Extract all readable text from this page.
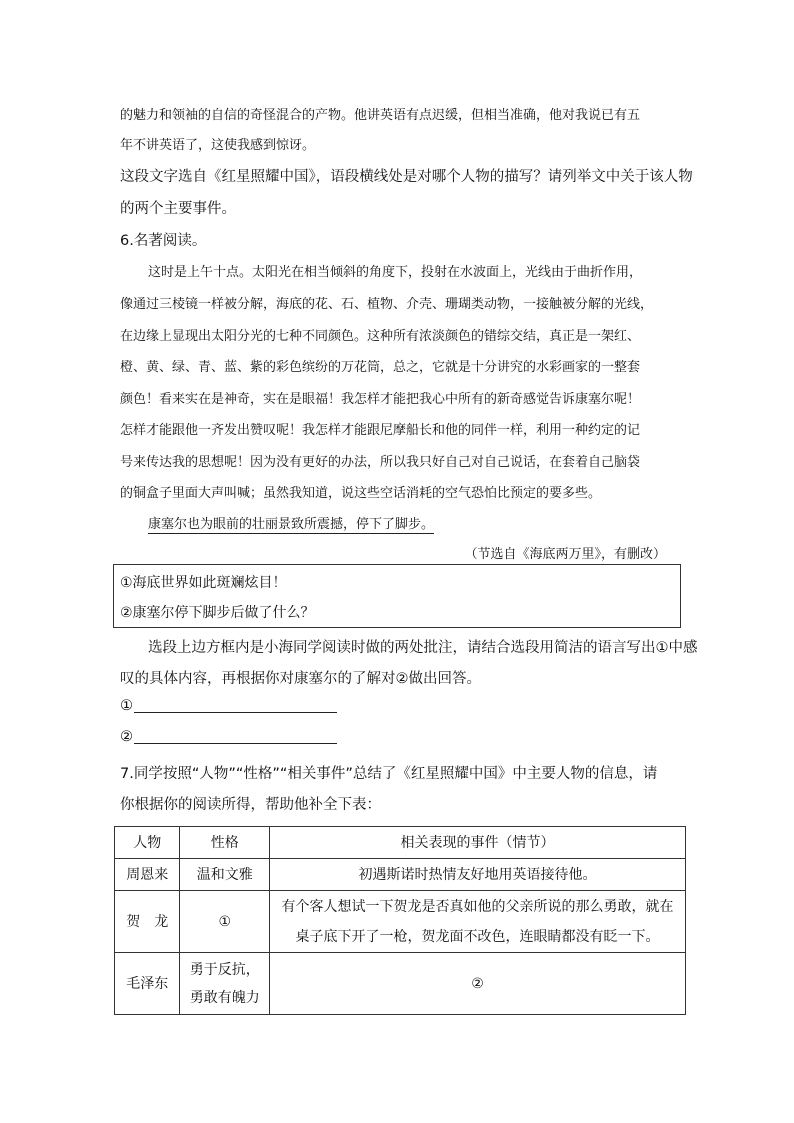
的魅力和领袖的自信的奇怪混合的产物。他讲英语有点迟缓，但相当准确，他对我说已有五
年不讲英语了，这使我感到惊讶。
这段文字选自《红星照耀中国》，语段横线处是对哪个人物的描写？请列举文中关于该人物
的两个主要事件。
6.名著阅读。
这时是上午十点。太阳光在相当倾斜的角度下，投射在水波面上，光线由于曲折作用，
像通过三棱镜一样被分解，海底的花、石、植物、介壳、珊瑚类动物，一接触被分解的光线，
在边缘上显现出太阳分光的七种不同颜色。这种所有浓淡颜色的错综交结，真正是一架红、
橙、黄、绿、青、蓝、紫的彩色缤纷的万花筒，总之，它就是十分讲究的水彩画家的一整套
颜色！看来实在是神奇，实在是眼福！我怎样才能把我心中所有的新奇感觉告诉康塞尔呢！
怎样才能跟他一齐发出赞叹呢！我怎样才能跟尼摩船长和他的同伴一样，利用一种约定的记
号来传达我的思想呢！因为没有更好的办法，所以我只好自己对自己说话，在套着自己脑袋
的铜盒子里面大声叫喊；虽然我知道，说这些空话消耗的空气恐怕比预定的要多些。
康塞尔也为眼前的壮丽景致所震撼，停下了脚步。
（节选自《海底两万里》，有删改）
①海底世界如此斑斓炫目！
②康塞尔停下脚步后做了什么？
选段上边方框内是小海同学阅读时做的两处批注，请结合选段用简洁的语言写出①中感
叹的具体内容，再根据你对康塞尔的了解对②做出回答。
①
②
7.同学按照“人物”“性格”“相关事件”总结了《红星照耀中国》中主要人物的信息，请
你根据你的阅读所得，帮助他补全下表：
人物	性格	相关表现的事件（情节）
周恩来	温和文雅	初遇斯诺时热情友好地用英语接待他。
贺　龙	①	有个客人想试一下贺龙是否真如他的父亲所说的那么勇敢，就在
桌子底下开了一枪，贺龙面不改色，连眼睛都没有眨一下。

毛泽东	勇于反抗，勇敢有魄力	②
